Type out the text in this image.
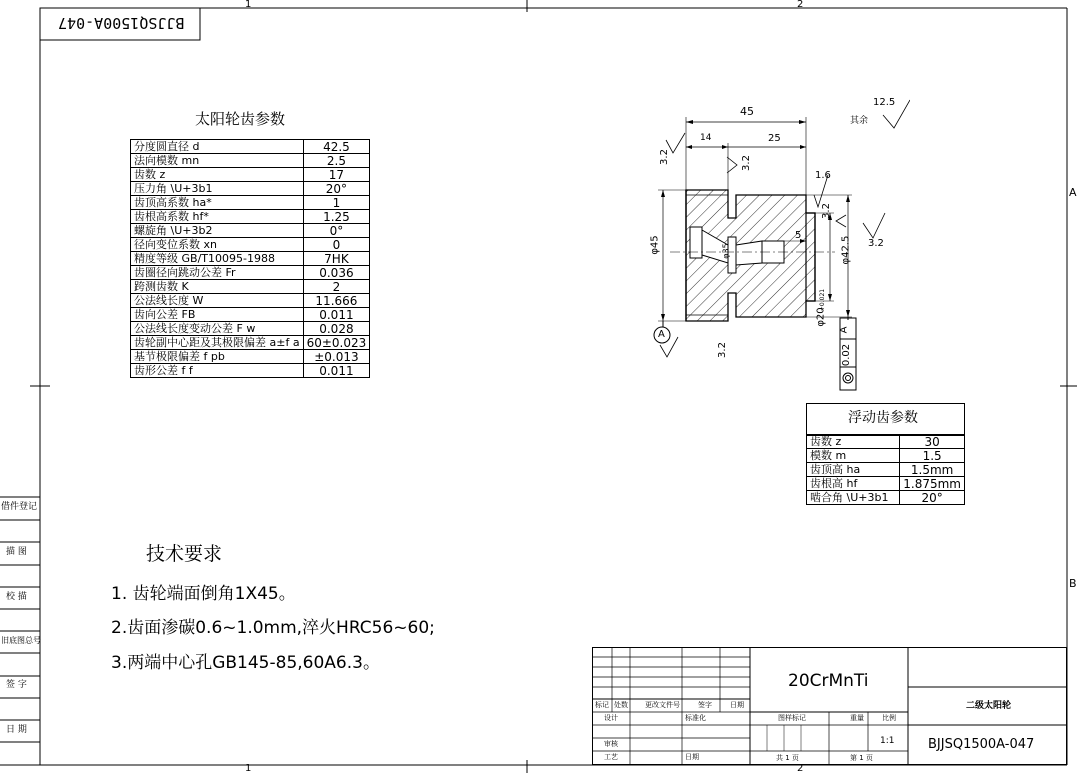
1	2
1	2
A
B
BJJSQ1500A-047
借件登记
描 图
校 描
旧底图总号
签 字
日 期
太阳轮齿参数
分度圆直径 d	42.5
法向模数 mn	2.5
齿数 z	17
压力角 \U+3b1	20°
齿顶高系数 ha*	1
齿根高系数 hf*	1.25
螺旋角 \U+3b2	0°
径向变位系数 xn	0
精度等级 GB/T10095-1988	7HK
齿圈径向跳动公差 Fr	0.036
跨测齿数 K	2
公法线长度 W	11.666
齿向公差 FB	0.011
公法线长度变动公差 F w	0.028
齿轮副中心距及其极限偏差 a±f a	60±0.023
基节极限偏差 f pb	±0.013
齿形公差 f f	0.011
浮动齿参数
齿数 z	30
模数 m	1.5
齿顶高 ha	1.5mm
齿根高 hf	1.875mm
啮合角 \U+3b1	20°
技术要求
1. 齿轮端面倒角1X45。
2.齿面渗碳0.6~1.0mm,淬火HRC56~60;
3.两端中心孔GB145-85,60A6.3。
45
14	25
5
φ45	φ35	φ42.5
φ20
+0.021
3.2	3.2
3.2
3.2
3.2
1.6
12.5
其余
A	A
0.02
20CrMnTi
二级太阳轮
BJJSQ1500A-047
1:1
共 1 页	第 1 页
标记 处数 更改文件号	签字	日期
设计	标准化
审核
工艺	日期
图样标记	重量	比例
